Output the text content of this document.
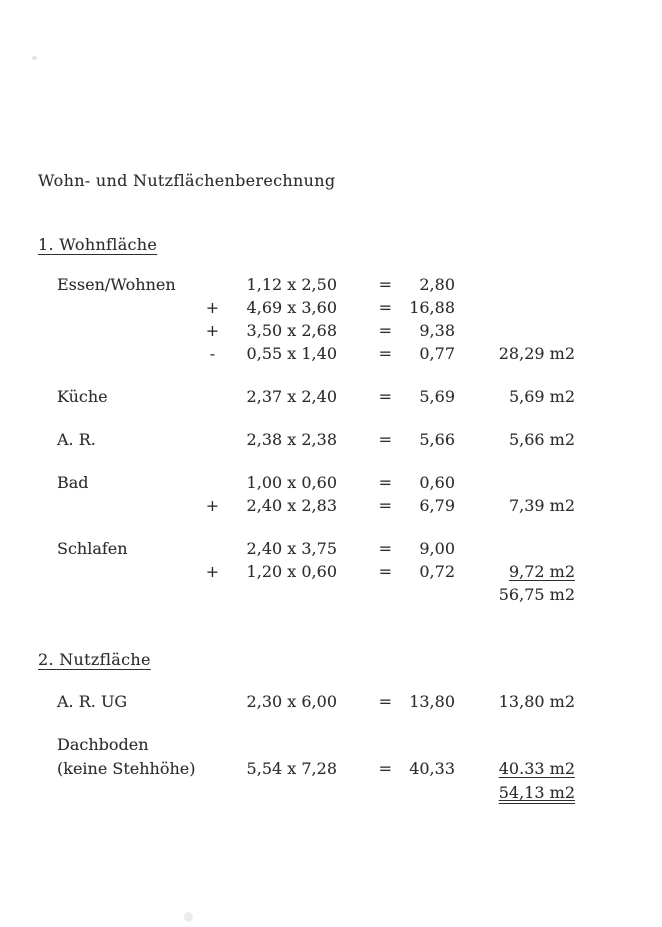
Wohn- und Nutzflächenberechnung
1. Wohnfläche
Essen/Wohnen	1,12 x 2,50	=	2,80
+	4,69 x 3,60	=	16,88
+	3,50 x 2,68	=	9,38
-	0,55 x 1,40	=	0,77	28,29 m2
Küche	2,37 x 2,40	=	5,69	5,69 m2
A. R.	2,38 x 2,38	=	5,66	5,66 m2
Bad	1,00 x 0,60	=	0,60
+	2,40 x 2,83	=	6,79	7,39 m2
Schlafen	2,40 x 3,75	=	9,00
+	1,20 x 0,60	=	0,72	9,72 m2
56,75 m2
2. Nutzfläche
A. R. UG	2,30 x 6,00	=	13,80	13,80 m2
Dachboden
(keine Stehhöhe)	5,54 x 7,28	=	40,33	40.33 m2
54,13 m2
